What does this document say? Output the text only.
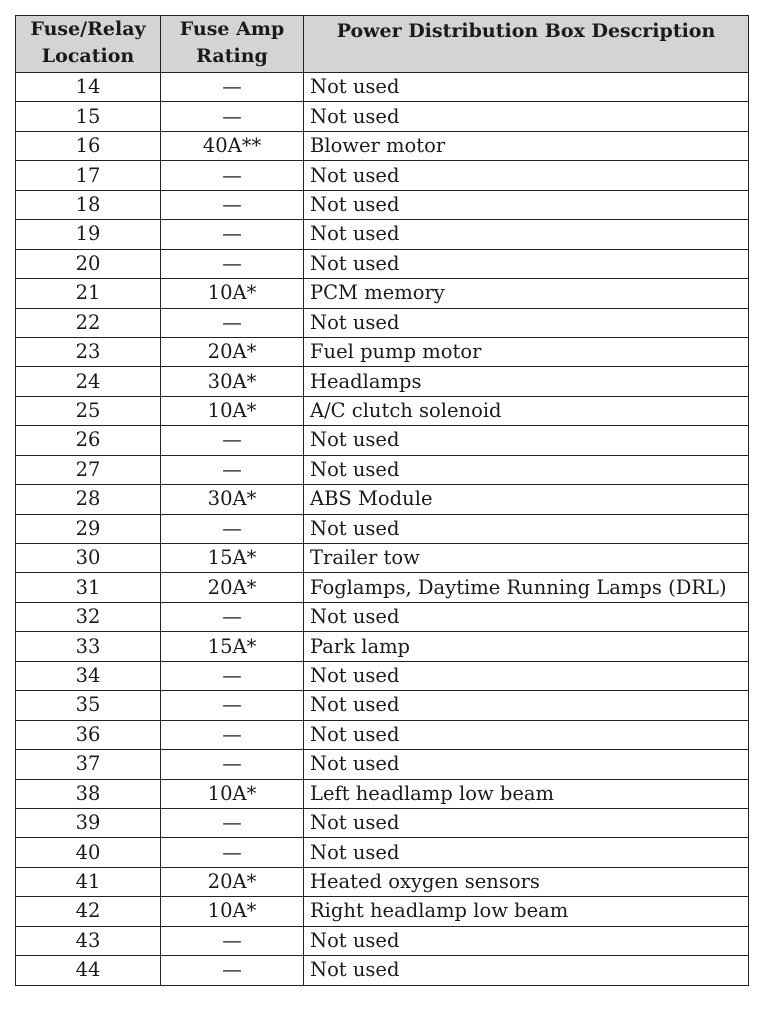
Fuse/Relay Location	Fuse Amp Rating	Power Distribution Box Description
14	—	Not used
15	—	Not used
16	40A**	Blower motor
17	—	Not used
18	—	Not used
19	—	Not used
20	—	Not used
21	10A*	PCM memory
22	—	Not used
23	20A*	Fuel pump motor
24	30A*	Headlamps
25	10A*	A/C clutch solenoid
26	—	Not used
27	—	Not used
28	30A*	ABS Module
29	—	Not used
30	15A*	Trailer tow
31	20A*	Foglamps, Daytime Running Lamps (DRL)
32	—	Not used
33	15A*	Park lamp
34	—	Not used
35	—	Not used
36	—	Not used
37	—	Not used
38	10A*	Left headlamp low beam
39	—	Not used
40	—	Not used
41	20A*	Heated oxygen sensors
42	10A*	Right headlamp low beam
43	—	Not used
44	—	Not used
